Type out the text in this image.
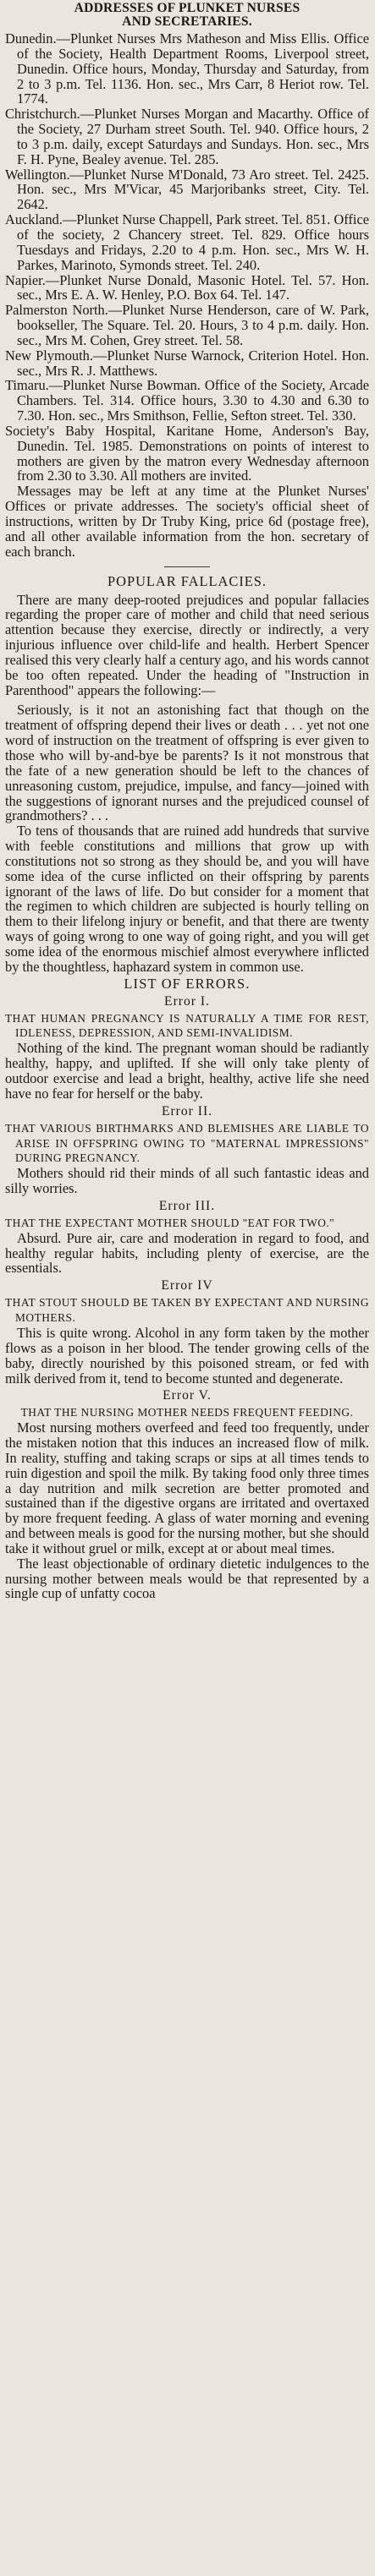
ADDRESSES OF PLUNKET NURSES

AND SECRETARIES.

Dunedin.—Plunket Nurses Mrs Matheson and Miss Ellis. Office of the Society, Health Department Rooms, Liverpool street, Dunedin. Office hours, Monday, Thursday and Saturday, from 2 to 3 p.m. Tel. 1136. Hon. sec., Mrs Carr, 8 Heriot row. Tel. 1774.

Christchurch.—Plunket Nurses Morgan and Macarthy. Office of the Society, 27 Durham street South. Tel. 940. Office hours, 2 to 3 p.m. daily, except Saturdays and Sundays. Hon. sec., Mrs F. H. Pyne, Bealey avenue. Tel. 285.

Wellington.—Plunket Nurse M'Donald, 73 Aro street. Tel. 2425. Hon. sec., Mrs M'Vicar, 45 Marjoribanks street, City. Tel. 2642.

Auckland.—Plunket Nurse Chappell, Park street. Tel. 851. Office of the society, 2 Chancery street. Tel. 829. Office hours Tuesdays and Fridays, 2.20 to 4 p.m. Hon. sec., Mrs W. H. Parkes, Marinoto, Symonds street. Tel. 240.

Napier.—Plunket Nurse Donald, Masonic Hotel. Tel. 57. Hon. sec., Mrs E. A. W. Henley, P.O. Box 64. Tel. 147.

Palmerston North.—Plunket Nurse Henderson, care of W. Park, bookseller, The Square. Tel. 20. Hours, 3 to 4 p.m. daily. Hon. sec., Mrs M. Cohen, Grey street. Tel. 58.

New Plymouth.—Plunket Nurse Warnock, Criterion Hotel. Hon. sec., Mrs R. J. Matthews.

Timaru.—Plunket Nurse Bowman. Office of the Society, Arcade Chambers. Tel. 314. Office hours, 3.30 to 4.30 and 6.30 to 7.30. Hon. sec., Mrs Smithson, Fellie, Sefton street. Tel. 330.

Society's Baby Hospital, Karitane Home, Anderson's Bay, Dunedin. Tel. 1985. Demonstrations on points of interest to mothers are given by the matron every Wednesday afternoon from 2.30 to 3.30. All mothers are invited.

Messages may be left at any time at the Plunket Nurses' Offices or private addresses. The society's official sheet of instructions, written by Dr Truby King, price 6d (postage free), and all other available information from the hon. secretary of each branch.

POPULAR FALLACIES.

There are many deep-rooted prejudices and popular fallacies regarding the proper care of mother and child that need serious attention because they exercise, directly or indirectly, a very injurious influence over child-life and health. Herbert Spencer realised this very clearly half a century ago, and his words cannot be too often repeated. Under the heading of "Instruction in Parenthood" appears the following:—

Seriously, is it not an astonishing fact that though on the treatment of offspring depend their lives or death . . . yet not one word of instruction on the treatment of offspring is ever given to those who will by-and-bye be parents? Is it not monstrous that the fate of a new generation should be left to the chances of unreasoning custom, prejudice, impulse, and fancy—joined with the suggestions of ignorant nurses and the prejudiced counsel of grandmothers? . . .

To tens of thousands that are ruined add hundreds that survive with feeble constitutions and millions that grow up with constitutions not so strong as they should be, and you will have some idea of the curse inflicted on their offspring by parents ignorant of the laws of life. Do but consider for a moment that the regimen to which children are subjected is hourly telling on them to their lifelong injury or benefit, and that there are twenty ways of going wrong to one way of going right, and you will get some idea of the enormous mischief almost everywhere inflicted by the thoughtless, haphazard system in common use.

LIST OF ERRORS.

Error I.

THAT HUMAN PREGNANCY IS NATURALLY A TIME FOR REST, IDLENESS, DEPRESSION, AND SEMI-INVALIDISM.

Nothing of the kind. The pregnant woman should be radiantly healthy, happy, and uplifted. If she will only take plenty of outdoor exercise and lead a bright, healthy, active life she need have no fear for herself or the baby.

Error II.

THAT VARIOUS BIRTHMARKS AND BLEMISHES ARE LIABLE TO ARISE IN OFFSPRING OWING TO "MATERNAL IMPRESSIONS" DURING PREGNANCY.

Mothers should rid their minds of all such fantastic ideas and silly worries.

Error III.

THAT THE EXPECTANT MOTHER SHOULD "EAT FOR TWO."

Absurd. Pure air, care and moderation in regard to food, and healthy regular habits, including plenty of exercise, are the essentials.

Error IV

THAT STOUT SHOULD BE TAKEN BY EXPECTANT AND NURSING MOTHERS.

This is quite wrong. Alcohol in any form taken by the mother flows as a poison in her blood. The tender growing cells of the baby, directly nourished by this poisoned stream, or fed with milk derived from it, tend to become stunted and degenerate.

Error V.

THAT THE NURSING MOTHER NEEDS FREQUENT FEEDING.

Most nursing mothers overfeed and feed too frequently, under the mistaken notion that this induces an increased flow of milk. In reality, stuffing and taking scraps or sips at all times tends to ruin digestion and spoil the milk. By taking food only three times a day nutrition and milk secretion are better promoted and sustained than if the digestive organs are irritated and overtaxed by more frequent feeding. A glass of water morning and evening and between meals is good for the nursing mother, but she should take it without gruel or milk, except at or about meal times.

The least objectionable of ordinary dietetic indulgences to the nursing mother between meals would be that represented by a single cup of unfatty cocoa
